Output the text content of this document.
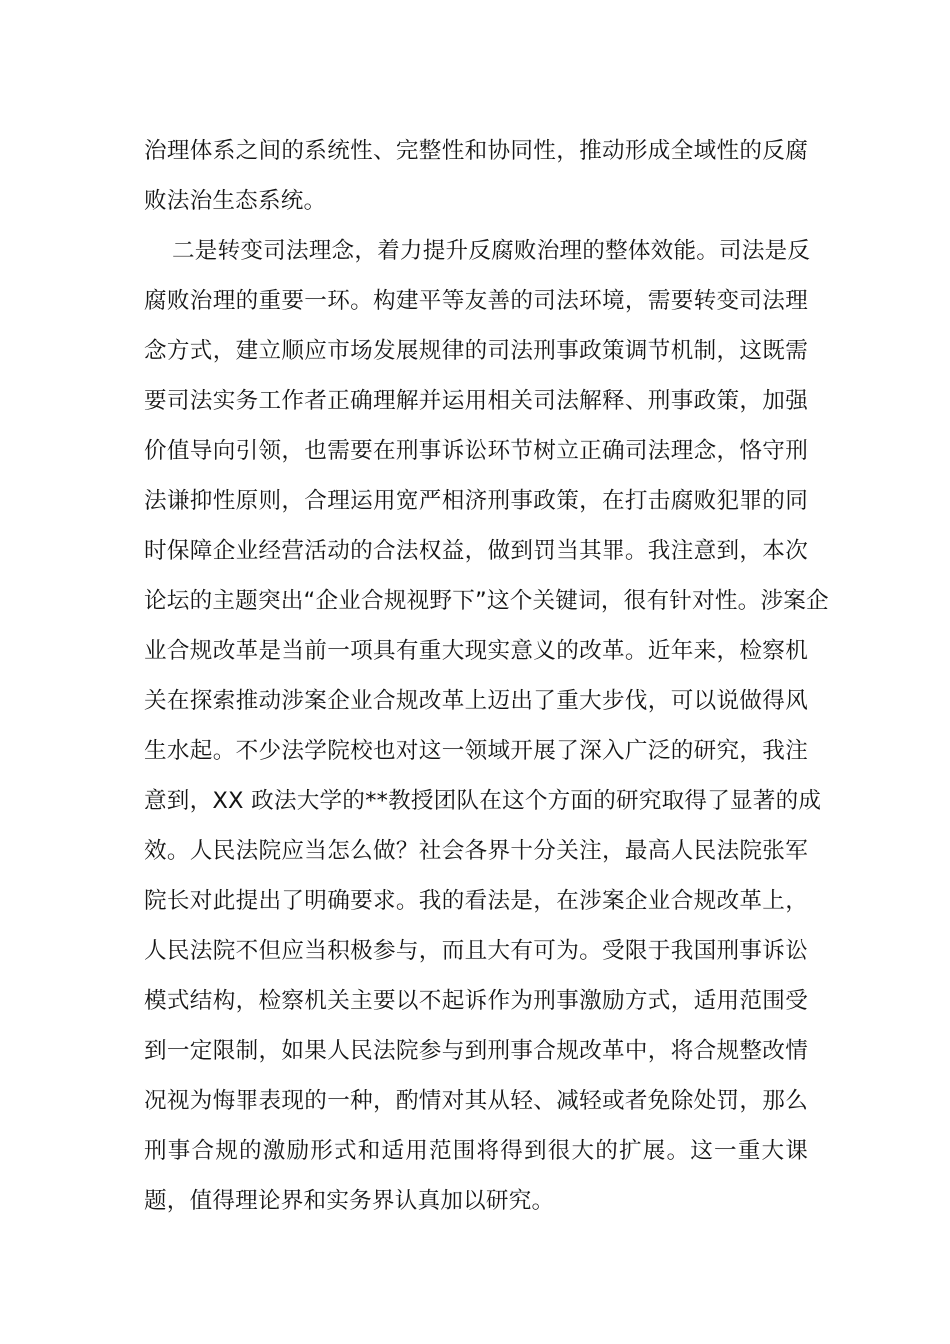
治理体系之间的系统性、完整性和协同性，推动形成全域性的反腐
败法治生态系统。
二是转变司法理念，着力提升反腐败治理的整体效能。司法是反
腐败治理的重要一环。构建平等友善的司法环境，需要转变司法理
念方式，建立顺应市场发展规律的司法刑事政策调节机制，这既需
要司法实务工作者正确理解并运用相关司法解释、刑事政策，加强
价值导向引领，也需要在刑事诉讼环节树立正确司法理念，恪守刑
法谦抑性原则，合理运用宽严相济刑事政策，在打击腐败犯罪的同
时保障企业经营活动的合法权益，做到罚当其罪。我注意到，本次
论坛的主题突出“企业合规视野下”这个关键词，很有针对性。涉案企
业合规改革是当前一项具有重大现实意义的改革。近年来，检察机
关在探索推动涉案企业合规改革上迈出了重大步伐，可以说做得风
生水起。不少法学院校也对这一领域开展了深入广泛的研究，我注
意到，XX 政法大学的**教授团队在这个方面的研究取得了显著的成
效。人民法院应当怎么做？社会各界十分关注，最高人民法院张军
院长对此提出了明确要求。我的看法是，在涉案企业合规改革上，
人民法院不但应当积极参与，而且大有可为。受限于我国刑事诉讼
模式结构，检察机关主要以不起诉作为刑事激励方式，适用范围受
到一定限制，如果人民法院参与到刑事合规改革中，将合规整改情
况视为悔罪表现的一种，酌情对其从轻、减轻或者免除处罚，那么
刑事合规的激励形式和适用范围将得到很大的扩展。这一重大课
题，值得理论界和实务界认真加以研究。
